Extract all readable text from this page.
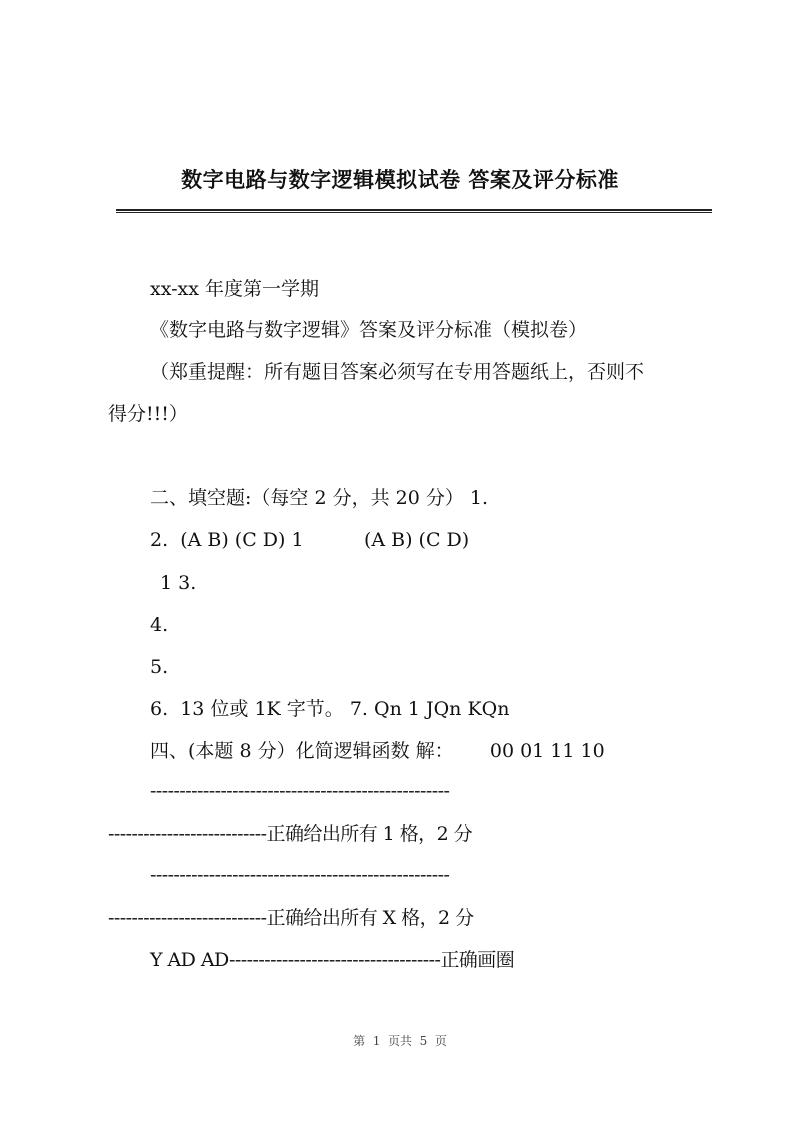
数字电路与数字逻辑模拟试卷 答案及评分标准
xx-xx 年度第一学期
《数字电路与数字逻辑》答案及评分标准（模拟卷）
（郑重提醒：所有题目答案必须写在专用答题纸上，否则不
得分!!!）
二、填空题:（每空 2 分，共 20 分） 1.
2.  (A B) (C D) 1          (A B) (C D)
1 3.
4.
5.
6.  13 位或 1K 字节。 7. Qn 1 JQn KQn
四、(本题 8 分）化简逻辑函数 解：      00 01 11 10
---------------------------------------------------
---------------------------正确给出所有 1 格，2 分
---------------------------------------------------
---------------------------正确给出所有 X 格，2 分
Y AD AD------------------------------------正确画圈
第  1  页共  5  页
